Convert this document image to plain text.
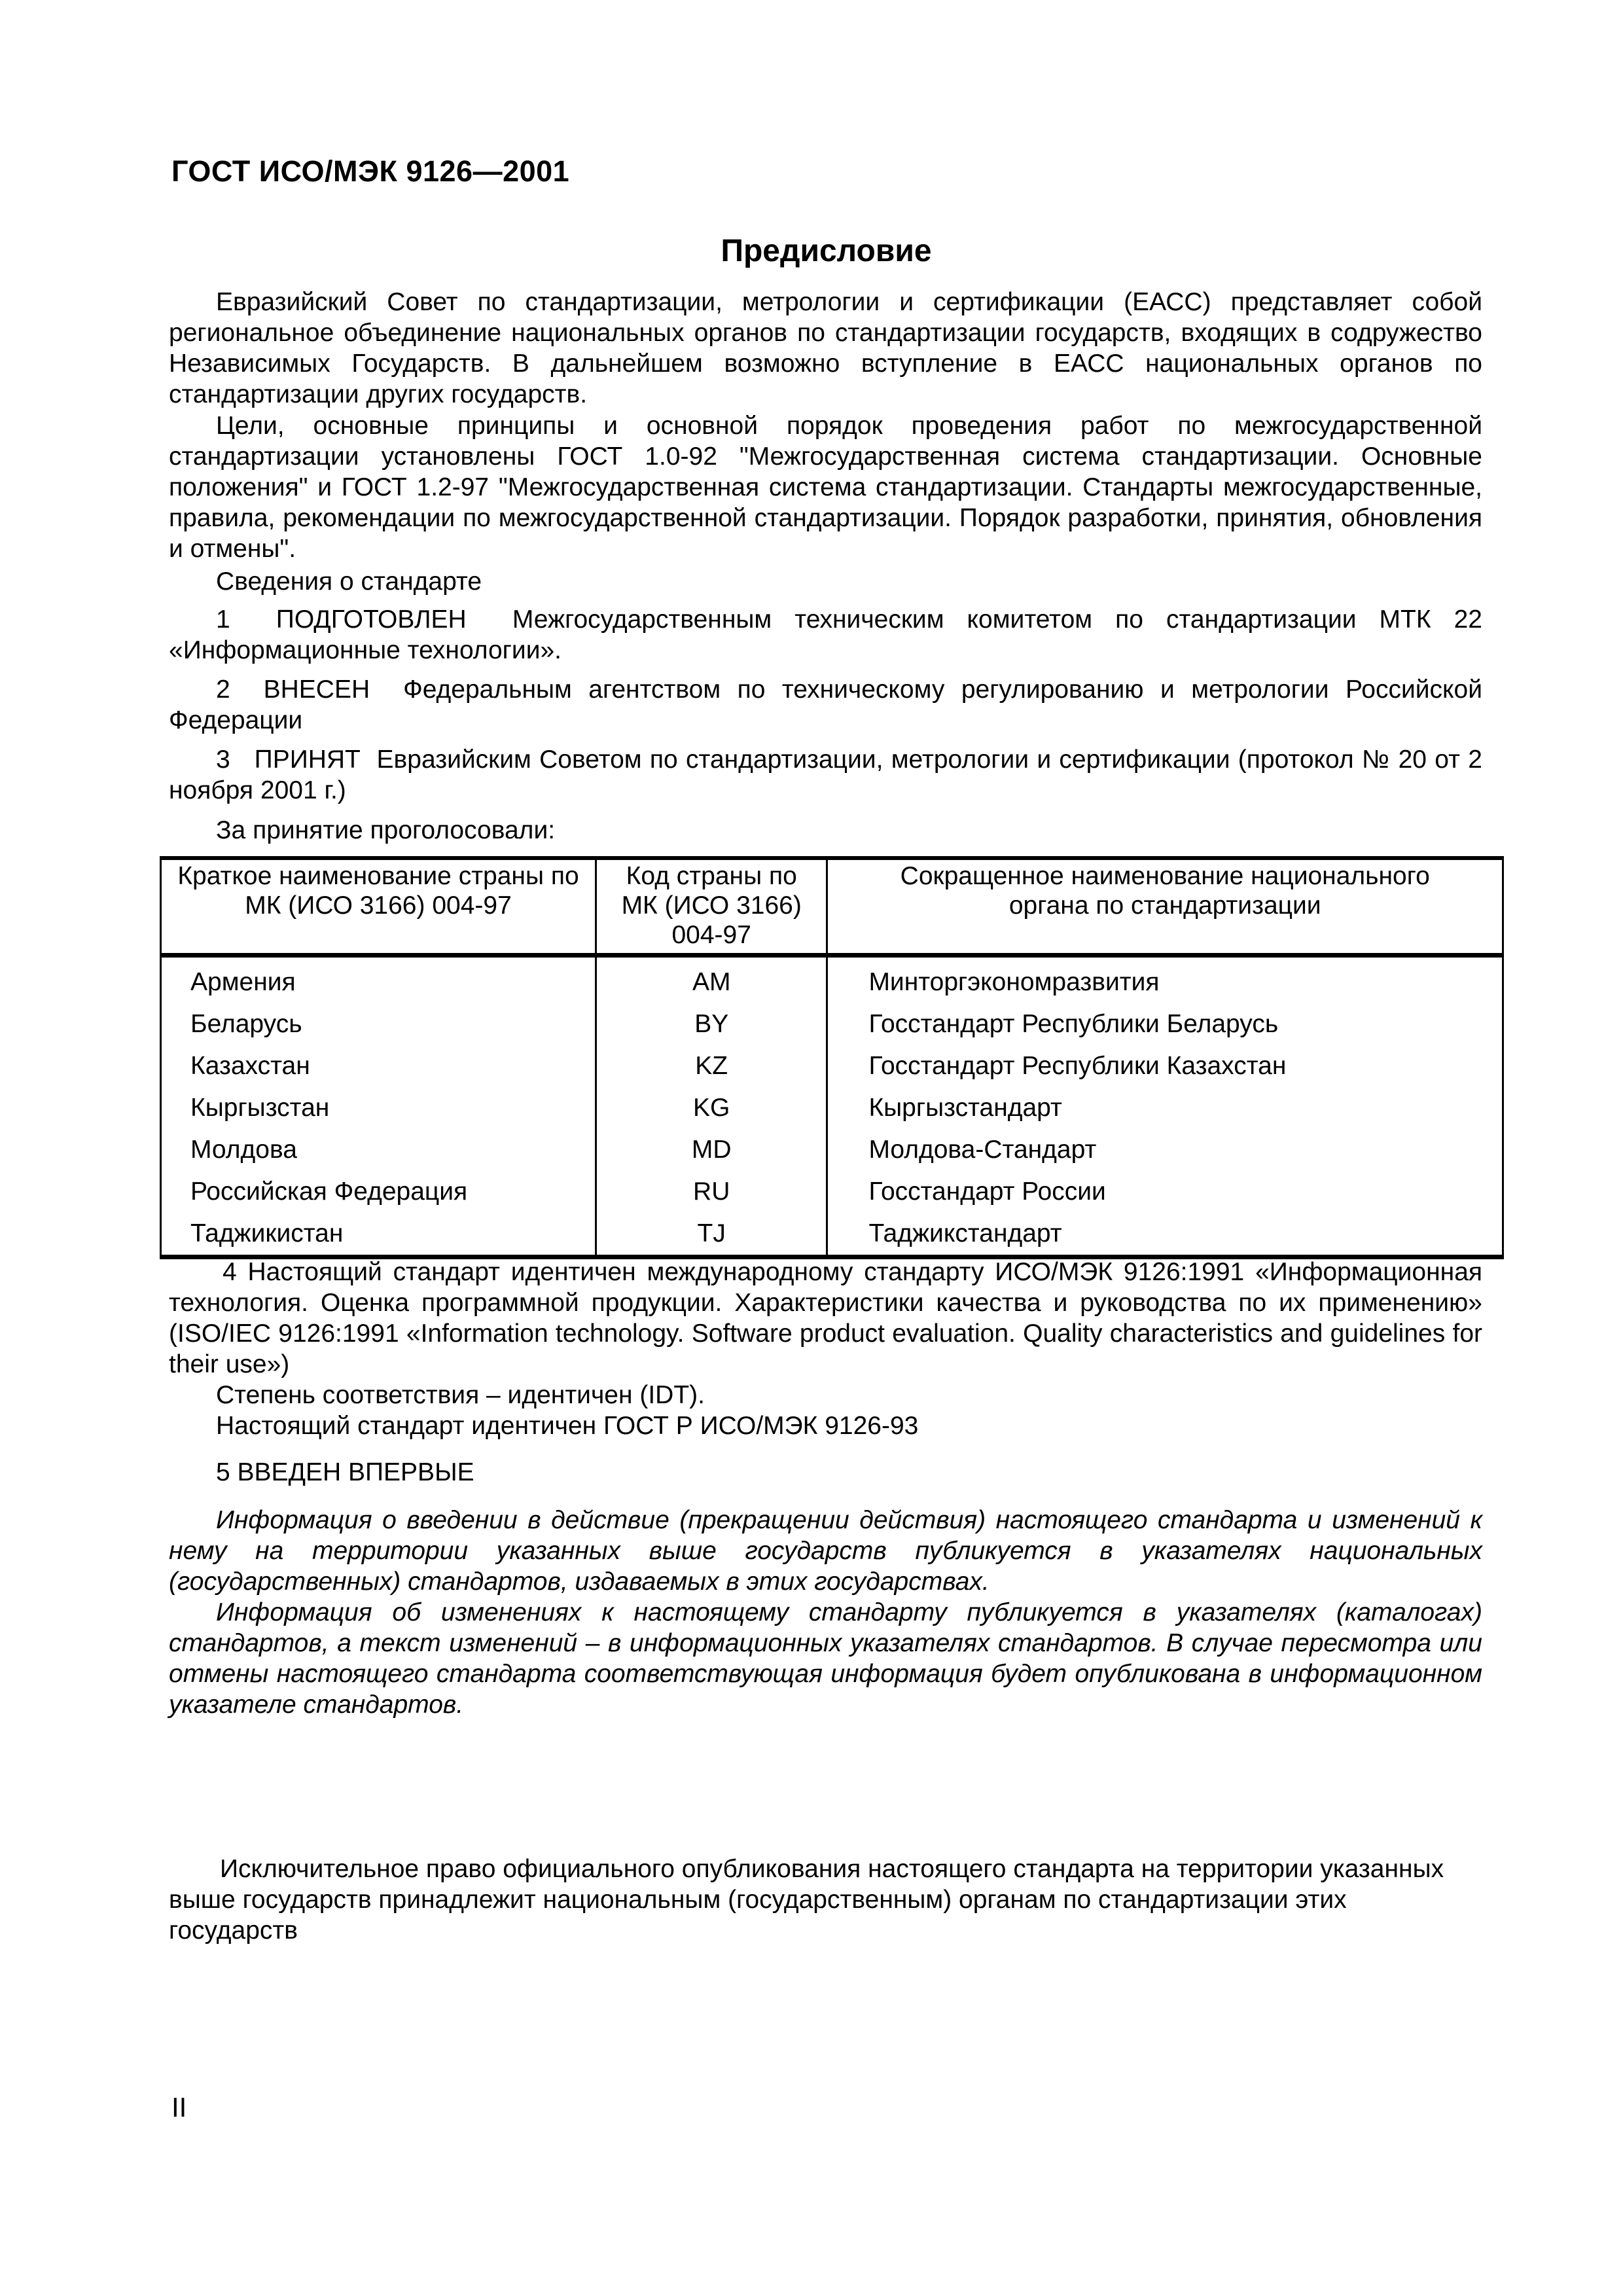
ГОСТ ИСО/МЭК 9126—2001
Предисловие

Евразийский Совет по стандартизации, метрологии и сертификации (ЕАСС) представляет собой региональное объединение национальных органов по стандартизации государств, входящих в содружество Независимых Государств. В дальнейшем возможно вступление в ЕАСС национальных органов по стандартизации других государств.

Цели, основные принципы и основной порядок проведения работ по межгосударственной стандартизации установлены ГОСТ 1.0-92 "Межгосударственная система стандартизации. Основные положения" и ГОСТ 1.2-97 "Межгосударственная система стандартизации. Стандарты межгосударственные, правила, рекомендации по межгосударственной стандартизации. Порядок разработки, принятия, обновления и отмены".

Сведения о стандарте

1 ПОДГОТОВЛЕН Межгосударственным техническим комитетом по стандартизации МТК 22 «Информационные технологии».

2 ВНЕСЕН Федеральным агентством по техническому регулированию и метрологии Российской Федерации

3 ПРИНЯТ Евразийским Советом по стандартизации, метрологии и сертификации (протокол № 20 от 2 ноября 2001 г.)

За принятие проголосовали:

Краткое наименование страны по МК (ИСО 3166) 004-97	Код страны по МК (ИСО 3166) 004-97	Сокращенное наименование национального органа по стандартизации
Армения	AM	Минторгэкономразвития
Беларусь	BY	Госстандарт Республики Беларусь
Казахстан	KZ	Госстандарт Республики Казахстан
Кыргызстан	KG	Кыргызстандарт
Молдова	MD	Молдова-Стандарт
Российская Федерация	RU	Госстандарт России
Таджикистан	TJ	Таджикстандарт

4 Настоящий стандарт идентичен международному стандарту ИСО/МЭК 9126:1991 «Информационная технология. Оценка программной продукции. Характеристики качества и руководства по их применению» (ISO/IEC 9126:1991 «Information technology. Software product evaluation. Quality characteristics and guidelines for their use»)

Степень соответствия – идентичен (IDT).

Настоящий стандарт идентичен ГОСТ Р ИСО/МЭК 9126-93

5 ВВЕДЕН ВПЕРВЫЕ

Информация о введении в действие (прекращении действия) настоящего стандарта и изменений к нему на территории указанных выше государств публикуется в указателях национальных (государственных) стандартов, издаваемых в этих государствах.

Информация об изменениях к настоящему стандарту публикуется в указателях (каталогах) стандартов, а текст изменений – в информационных указателях стандартов. В случае пересмотра или отмены настоящего стандарта соответствующая информация будет опубликована в информационном указателе стандартов.

Исключительное право официального опубликования настоящего стандарта на территории указанных выше государств принадлежит национальным (государственным) органам по стандартизации этих государств

II
